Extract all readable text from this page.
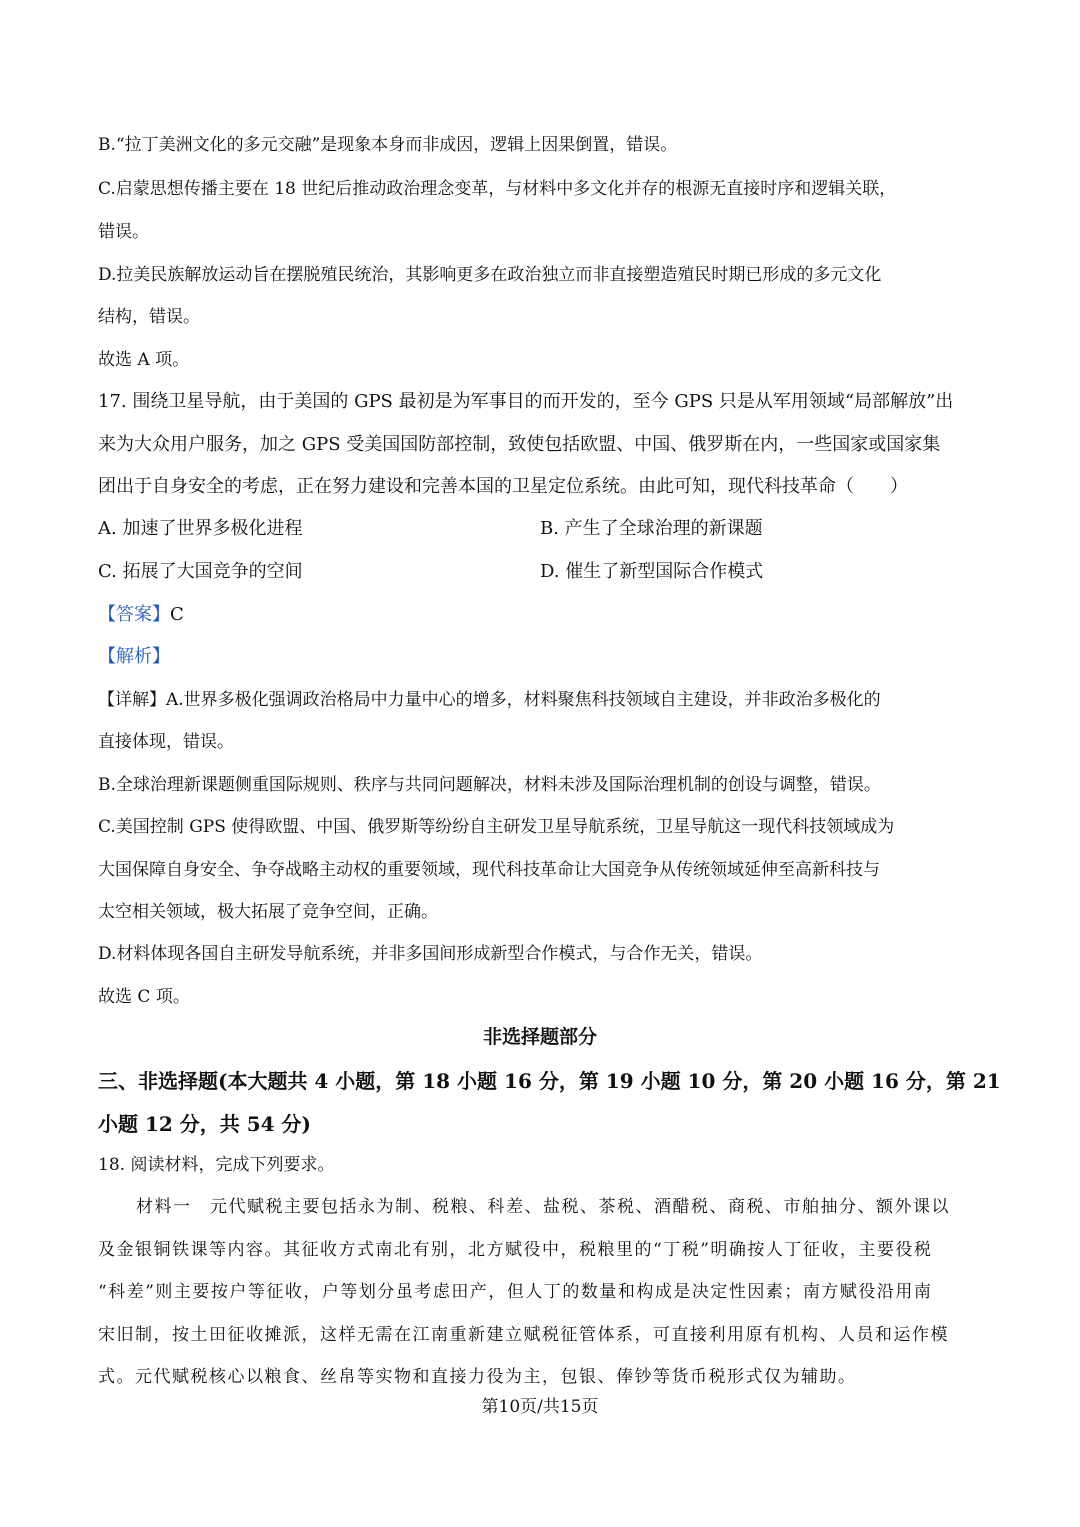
B.“拉丁美洲文化的多元交融”是现象本身而非成因，逻辑上因果倒置，错误。
C.启蒙思想传播主要在 18 世纪后推动政治理念变革，与材料中多文化并存的根源无直接时序和逻辑关联，
错误。
D.拉美民族解放运动旨在摆脱殖民统治，其影响更多在政治独立而非直接塑造殖民时期已形成的多元文化
结构，错误。
故选 A 项。
17. 围绕卫星导航，由于美国的 GPS 最初是为军事目的而开发的，至今 GPS 只是从军用领域“局部解放”出
来为大众用户服务，加之 GPS 受美国国防部控制，致使包括欧盟、中国、俄罗斯在内，一些国家或国家集
团出于自身安全的考虑，正在努力建设和完善本国的卫星定位系统。由此可知，现代科技革命（　　）
A. 加速了世界多极化进程	B. 产生了全球治理的新课题
C. 拓展了大国竞争的空间	D. 催生了新型国际合作模式
【答案】C
【解析】
【详解】A.世界多极化强调政治格局中力量中心的增多，材料聚焦科技领域自主建设，并非政治多极化的
直接体现，错误。
B.全球治理新课题侧重国际规则、秩序与共同问题解决，材料未涉及国际治理机制的创设与调整，错误。
C.美国控制 GPS 使得欧盟、中国、俄罗斯等纷纷自主研发卫星导航系统，卫星导航这一现代科技领域成为
大国保障自身安全、争夺战略主动权的重要领域，现代科技革命让大国竞争从传统领域延伸至高新科技与
太空相关领域，极大拓展了竞争空间，正确。
D.材料体现各国自主研发导航系统，并非多国间形成新型合作模式，与合作无关，错误。
故选 C 项。
非选择题部分
三、非选择题(本大题共 4 小题，第 18 小题 16 分，第 19 小题 10 分，第 20 小题 16 分，第 21
小题 12 分，共 54 分)
18. 阅读材料，完成下列要求。
材料一　元代赋税主要包括永为制、税粮、科差、盐税、茶税、酒醋税、商税、市舶抽分、额外课以
及金银铜铁课等内容。其征收方式南北有别，北方赋役中，税粮里的“丁税”明确按人丁征收，主要役税
“科差”则主要按户等征收，户等划分虽考虑田产，但人丁的数量和构成是决定性因素；南方赋役沿用南
宋旧制，按土田征收摊派，这样无需在江南重新建立赋税征管体系，可直接利用原有机构、人员和运作模
式。元代赋税核心以粮食、丝帛等实物和直接力役为主，包银、俸钞等货币税形式仅为辅助。
第10页/共15页
